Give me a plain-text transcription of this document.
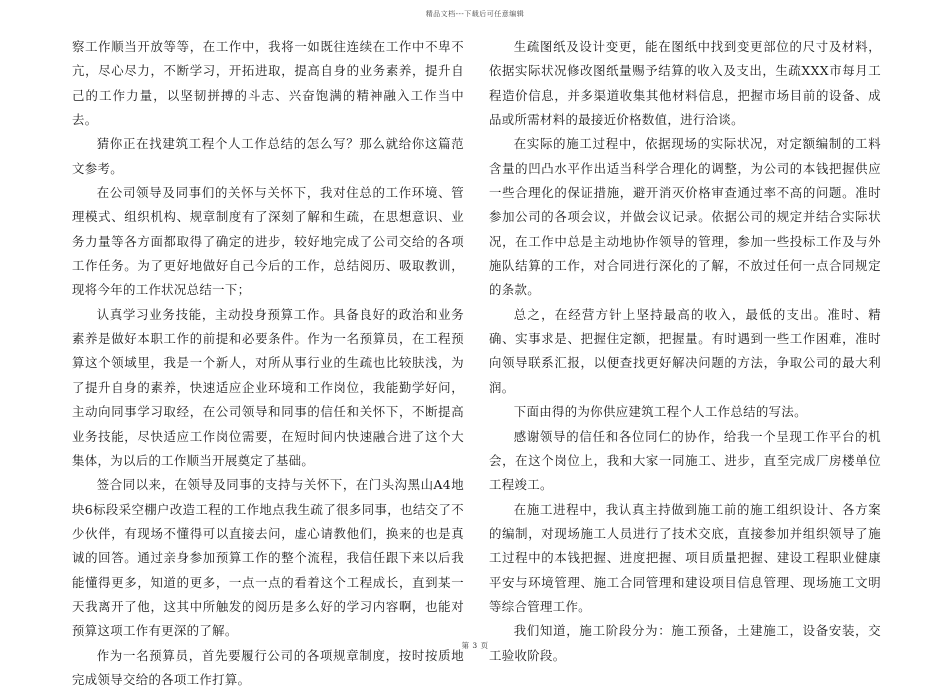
精品文档---下载后可任意编辑

察工作顺当开放等等，在工作中，我将一如既往连续在工作中不卑不亢，尽心尽力，不断学习，开拓进取，提高自身的业务素养，提升自己的工作力量，以坚韧拼搏的斗志、兴奋饱满的精神融入工作当中去。

猜你正在找建筑工程个人工作总结的怎么写？那么就给你这篇范文参考。

在公司领导及同事们的关怀与关怀下，我对住总的工作环境、管理模式、组织机构、规章制度有了深刻了解和生疏，在思想意识、业务力量等各方面都取得了确定的进步，较好地完成了公司交给的各项工作任务。为了更好地做好自己今后的工作，总结阅历、吸取教训，现将今年的工作状况总结一下；

认真学习业务技能，主动投身预算工作。具备良好的政治和业务素养是做好本职工作的前提和必要条件。作为一名预算员，在工程预算这个领域里，我是一个新人，对所从事行业的生疏也比较肤浅，为了提升自身的素养，快速适应企业环境和工作岗位，我能勤学好问，主动向同事学习取经，在公司领导和同事的信任和关怀下，不断提高业务技能，尽快适应工作岗位需要，在短时间内快速融合进了这个大集体，为以后的工作顺当开展奠定了基础。

签合同以来，在领导及同事的支持与关怀下，在门头沟黑山A4地块6标段采空棚户改造工程的工作地点我生疏了很多同事，也结交了不少伙伴，有现场不懂得可以直接去问，虚心请教他们，换来的也是真诚的回答。通过亲身参加预算工作的整个流程，我信任跟下来以后我能懂得更多，知道的更多，一点一点的看着这个工程成长，直到某一天我离开了他，这其中所触发的阅历是多么好的学习内容啊，也能对预算这项工作有更深的了解。

作为一名预算员，首先要履行公司的各项规章制度，按时按质地完成领导交给的各项工作打算。

生疏图纸及设计变更，能在图纸中找到变更部位的尺寸及材料，依据实际状况修改图纸量赐予结算的收入及支出，生疏XXX市每月工程造价信息，并多渠道收集其他材料信息，把握市场目前的设备、成品或所需材料的最接近价格数值，进行洽谈。

在实际的施工过程中，依据现场的实际状况，对定额编制的工料含量的凹凸水平作出适当科学合理化的调整，为公司的本钱把握供应一些合理化的保证措施，避开消灭价格审查通过率不高的问题。准时参加公司的各项会议，并做会议记录。依据公司的规定并结合实际状况，在工作中总是主动地协作领导的管理，参加一些投标工作及与外施队结算的工作，对合同进行深化的了解，不放过任何一点合同规定的条款。

总之，在经营方针上坚持最高的收入，最低的支出。准时、精确、实事求是、把握住定额，把握量。有时遇到一些工作困难，准时向领导联系汇报，以便查找更好解决问题的方法，争取公司的最大利润。

下面由得的为你供应建筑工程个人工作总结的写法。

感谢领导的信任和各位同仁的协作，给我一个呈现工作平台的机会，在这个岗位上，我和大家一同施工、进步，直至完成厂房楼单位工程竣工。

在施工进程中，我认真主持做到施工前的施工组织设计、各方案的编制，对现场施工人员进行了技术交底，直接参加并组织领导了施工过程中的本钱把握、进度把握、项目质量把握、建设工程职业健康平安与环境管理、施工合同管理和建设项目信息管理、现场施工文明等综合管理工作。

我们知道，施工阶段分为：施工预备，土建施工，设备安装，交工验收阶段。

第 3 页
